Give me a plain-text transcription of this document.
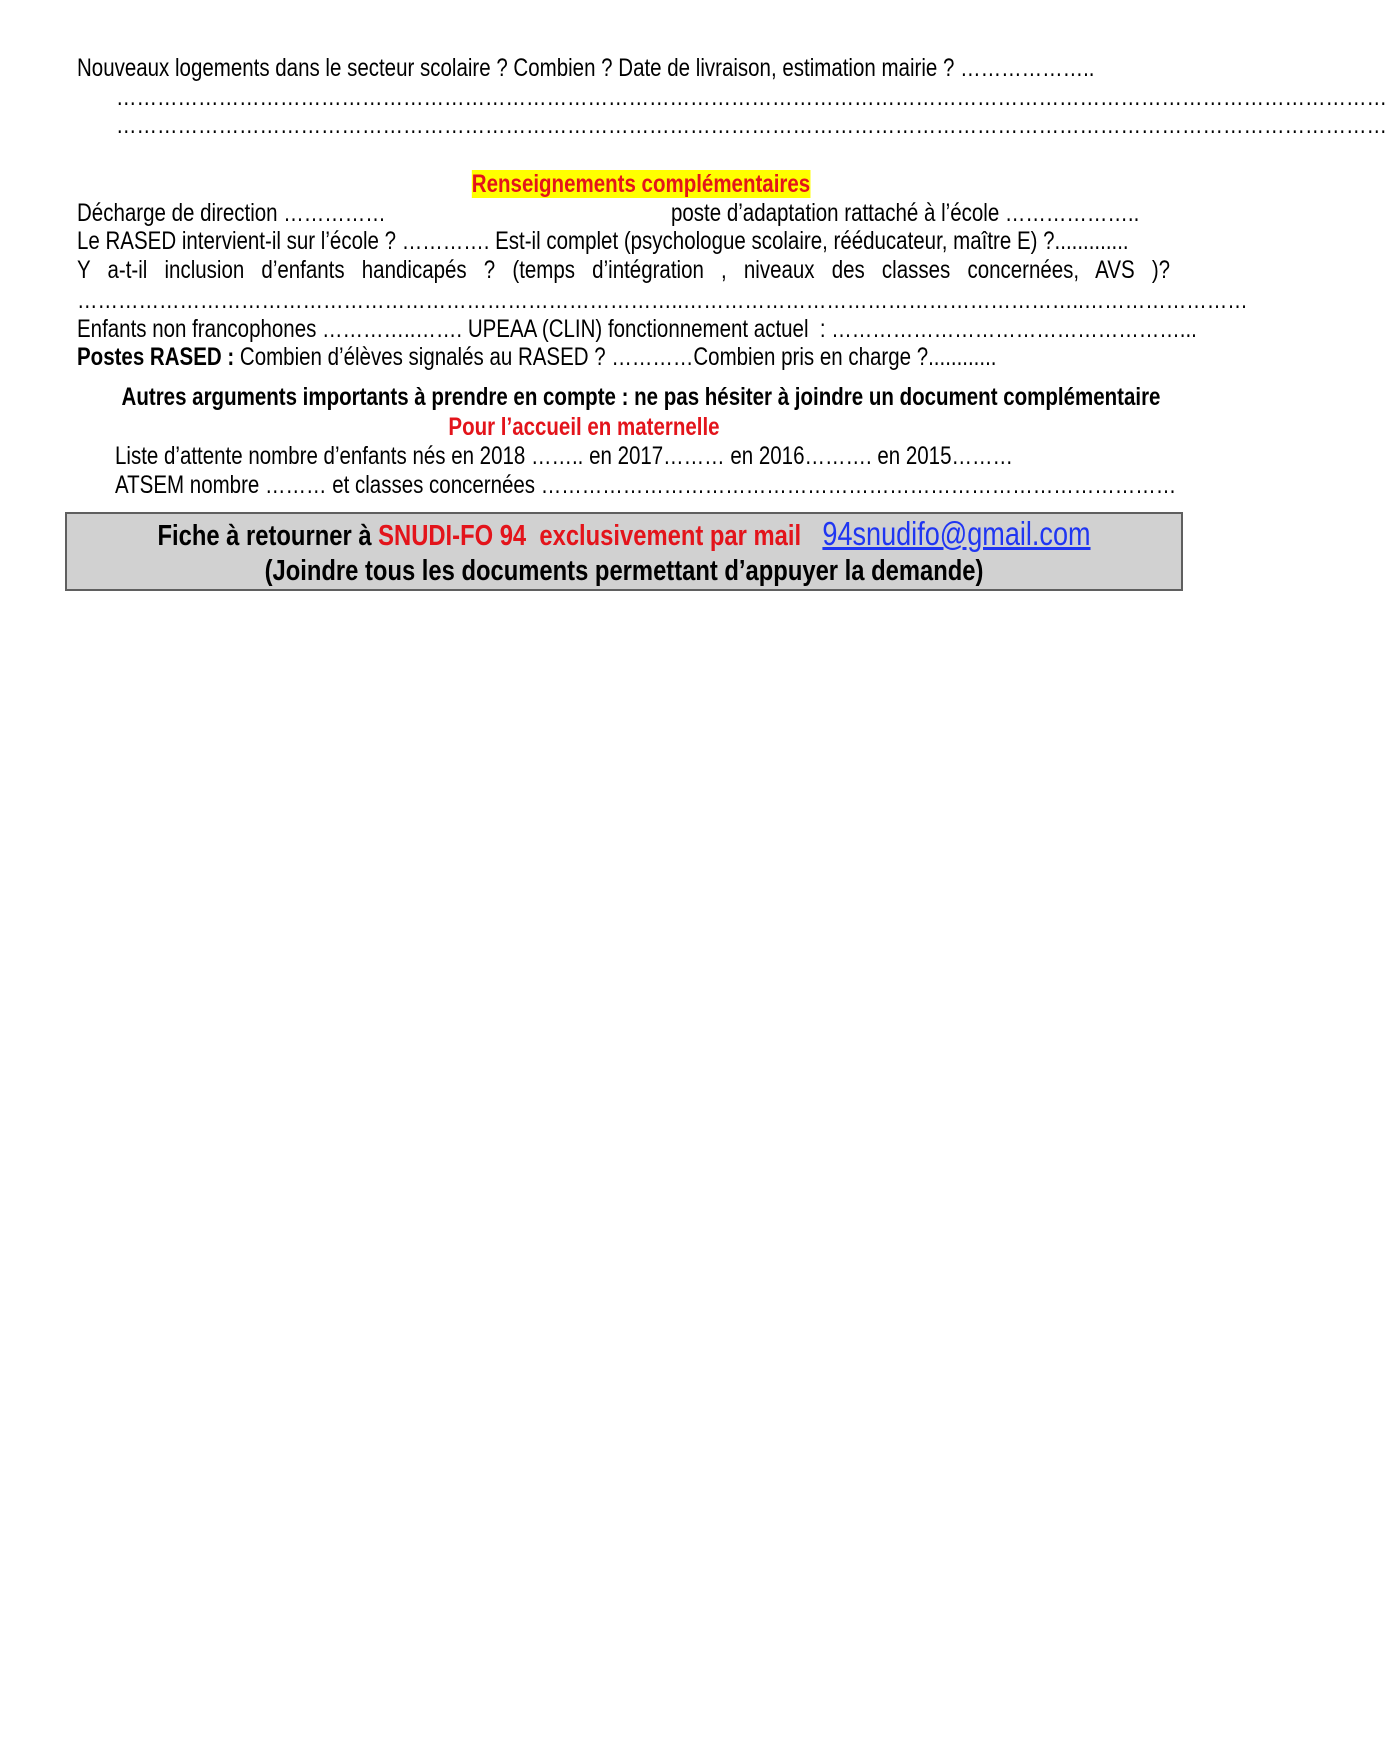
Nouveaux logements dans le secteur scolaire ? Combien ? Date de livraison, estimation mairie ? ………………..
……………………………………………………………………………………………………………………………………………………………………
……………………………………………………………………………………………………………………………………………………………………
Renseignements complémentaires
Décharge de direction ……………	poste d’adaptation rattaché à l’école ………………..
Le RASED intervient-il sur l’école ? …………. Est-il complet (psychologue scolaire, rééducateur, maître E) ?.............
Y a-t-il inclusion d’enfants handicapés ? (temps d’intégration , niveaux des classes concernées, AVS )?
……………………………………………………………………………..…………………………………………………..……………………
Enfants non francophones …………..……. UPEAA (CLIN) fonctionnement actuel  : ……………………………………………...
Postes RASED : Combien d’élèves signalés au RASED ? …………Combien pris en charge ?............
Autres arguments importants à prendre en compte : ne pas hésiter à joindre un document complémentaire
Pour l’accueil en maternelle
Liste d’attente nombre d’enfants nés en 2018 …….. en 2017……… en 2016………. en 2015………
ATSEM nombre ……… et classes concernées …………………………………………………………………………………
Fiche à retourner à SNUDI-FO 94  exclusivement par mail 94snudifo@gmail.com
(Joindre tous les documents permettant d’appuyer la demande)
